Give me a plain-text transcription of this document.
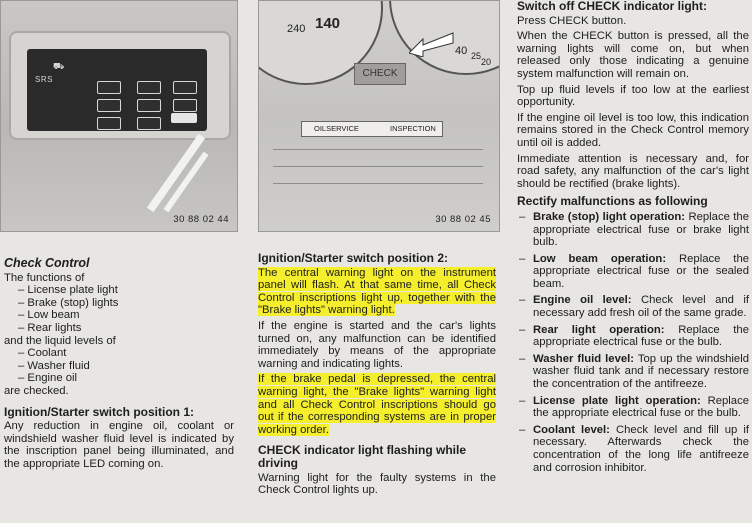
⛟
SRS
30 88 02 44
240 140
40 25
20
CHECK
OILSERVICE	INSPECTION
30 88 02 45
Check Control
The functions of
– License plate light
– Brake (stop) lights
– Low beam
– Rear lights
and the liquid levels of
– Coolant
– Washer fluid
– Engine oil
are checked.
Ignition/Starter switch position 1:

Any reduction in engine oil, coolant or windshield washer fluid level is indicated by the inscription panel being illuminated, and the appropriate LED coming on.

Ignition/Starter switch position 2:

The central warning light on the instrument panel will flash. At that same time, all Check Control inscriptions light up, together with the "Brake lights" warning light.

If the engine is started and the car's lights turned on, any malfunction can be identified immediately by means of the appropriate warning and indicating lights.

If the brake pedal is depressed, the central warning light, the "Brake lights" warning light and all Check Control inscriptions should go out if the corresponding systems are in proper working order.

CHECK indicator light flashing while driving

Warning light for the faulty systems in the Check Control lights up.

Switch off CHECK indicator light:

Press CHECK button.

When the CHECK button is pressed, all the warning lights will come on, but when released only those indicating a genuine system malfunction will remain on.

Top up fluid levels if too low at the earliest opportunity.

If the engine oil level is too low, this indication remains stored in the Check Control memory until oil is added.

Immediate attention is necessary and, for road safety, any malfunction of the car's light should be rectified (brake lights).

Rectify malfunctions as following
– Brake (stop) light operation: Replace the appropriate electrical fuse or brake light bulb.
– Low beam operation: Replace the appropriate electrical fuse or the sealed beam.
– Engine oil level: Check level and if necessary add fresh oil of the same grade.
– Rear light operation: Replace the appropriate electrical fuse or the bulb.
– Washer fluid level: Top up the windshield washer fluid tank and if necessary restore the concentration of the antifreeze.
– License plate light operation: Replace the appropriate electrical fuse or the bulb.
– Coolant level: Check level and fill up if necessary. Afterwards check the concentration of the long life antifreeze and corrosion inhibitor.
